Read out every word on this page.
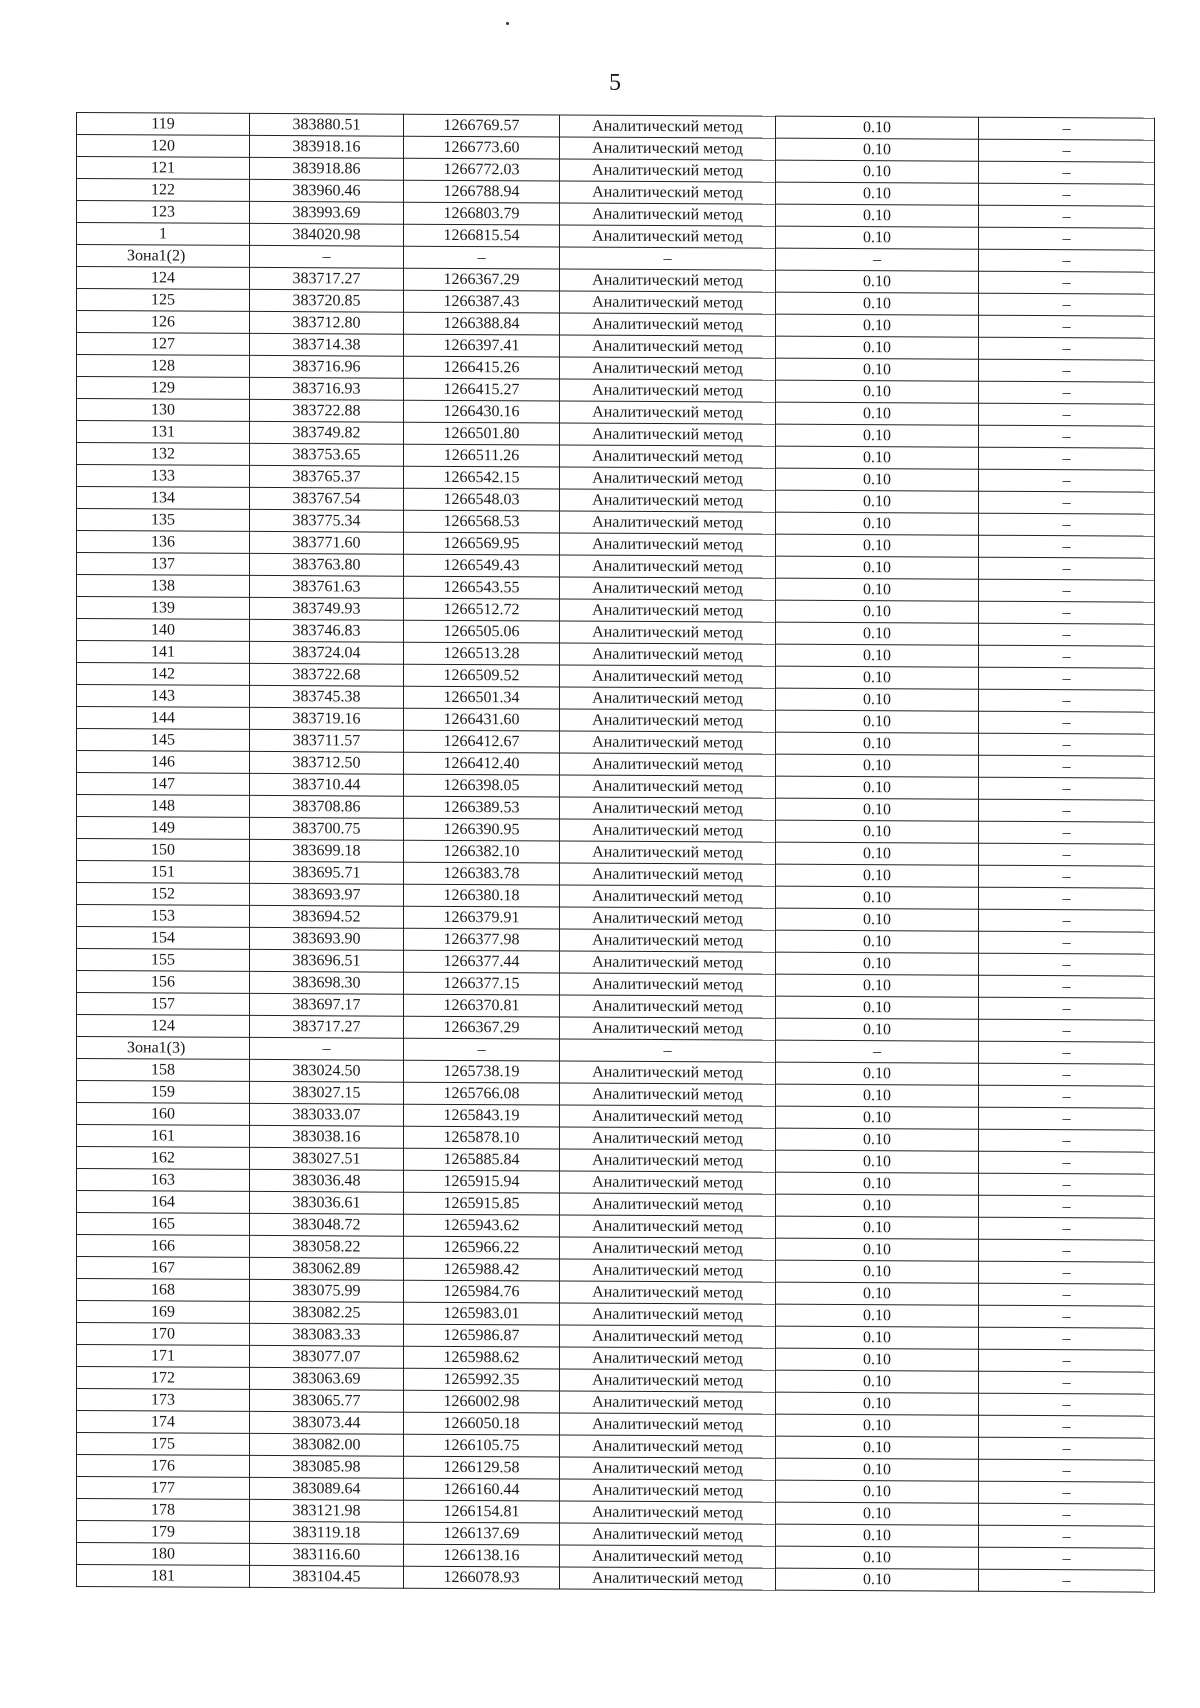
5
119	383880.51	1266769.57	Аналитический метод	0.10	–
120	383918.16	1266773.60	Аналитический метод	0.10	–
121	383918.86	1266772.03	Аналитический метод	0.10	–
122	383960.46	1266788.94	Аналитический метод	0.10	–
123	383993.69	1266803.79	Аналитический метод	0.10	–
1	384020.98	1266815.54	Аналитический метод	0.10	–
Зона1(2)	–	–	–	–	–
124	383717.27	1266367.29	Аналитический метод	0.10	–
125	383720.85	1266387.43	Аналитический метод	0.10	–
126	383712.80	1266388.84	Аналитический метод	0.10	–
127	383714.38	1266397.41	Аналитический метод	0.10	–
128	383716.96	1266415.26	Аналитический метод	0.10	–
129	383716.93	1266415.27	Аналитический метод	0.10	–
130	383722.88	1266430.16	Аналитический метод	0.10	–
131	383749.82	1266501.80	Аналитический метод	0.10	–
132	383753.65	1266511.26	Аналитический метод	0.10	–
133	383765.37	1266542.15	Аналитический метод	0.10	–
134	383767.54	1266548.03	Аналитический метод	0.10	–
135	383775.34	1266568.53	Аналитический метод	0.10	–
136	383771.60	1266569.95	Аналитический метод	0.10	–
137	383763.80	1266549.43	Аналитический метод	0.10	–
138	383761.63	1266543.55	Аналитический метод	0.10	–
139	383749.93	1266512.72	Аналитический метод	0.10	–
140	383746.83	1266505.06	Аналитический метод	0.10	–
141	383724.04	1266513.28	Аналитический метод	0.10	–
142	383722.68	1266509.52	Аналитический метод	0.10	–
143	383745.38	1266501.34	Аналитический метод	0.10	–
144	383719.16	1266431.60	Аналитический метод	0.10	–
145	383711.57	1266412.67	Аналитический метод	0.10	–
146	383712.50	1266412.40	Аналитический метод	0.10	–
147	383710.44	1266398.05	Аналитический метод	0.10	–
148	383708.86	1266389.53	Аналитический метод	0.10	–
149	383700.75	1266390.95	Аналитический метод	0.10	–
150	383699.18	1266382.10	Аналитический метод	0.10	–
151	383695.71	1266383.78	Аналитический метод	0.10	–
152	383693.97	1266380.18	Аналитический метод	0.10	–
153	383694.52	1266379.91	Аналитический метод	0.10	–
154	383693.90	1266377.98	Аналитический метод	0.10	–
155	383696.51	1266377.44	Аналитический метод	0.10	–
156	383698.30	1266377.15	Аналитический метод	0.10	–
157	383697.17	1266370.81	Аналитический метод	0.10	–
124	383717.27	1266367.29	Аналитический метод	0.10	–
Зона1(3)	–	–	–	–	–
158	383024.50	1265738.19	Аналитический метод	0.10	–
159	383027.15	1265766.08	Аналитический метод	0.10	–
160	383033.07	1265843.19	Аналитический метод	0.10	–
161	383038.16	1265878.10	Аналитический метод	0.10	–
162	383027.51	1265885.84	Аналитический метод	0.10	–
163	383036.48	1265915.94	Аналитический метод	0.10	–
164	383036.61	1265915.85	Аналитический метод	0.10	–
165	383048.72	1265943.62	Аналитический метод	0.10	–
166	383058.22	1265966.22	Аналитический метод	0.10	–
167	383062.89	1265988.42	Аналитический метод	0.10	–
168	383075.99	1265984.76	Аналитический метод	0.10	–
169	383082.25	1265983.01	Аналитический метод	0.10	–
170	383083.33	1265986.87	Аналитический метод	0.10	–
171	383077.07	1265988.62	Аналитический метод	0.10	–
172	383063.69	1265992.35	Аналитический метод	0.10	–
173	383065.77	1266002.98	Аналитический метод	0.10	–
174	383073.44	1266050.18	Аналитический метод	0.10	–
175	383082.00	1266105.75	Аналитический метод	0.10	–
176	383085.98	1266129.58	Аналитический метод	0.10	–
177	383089.64	1266160.44	Аналитический метод	0.10	–
178	383121.98	1266154.81	Аналитический метод	0.10	–
179	383119.18	1266137.69	Аналитический метод	0.10	–
180	383116.60	1266138.16	Аналитический метод	0.10	–
181	383104.45	1266078.93	Аналитический метод	0.10	–
